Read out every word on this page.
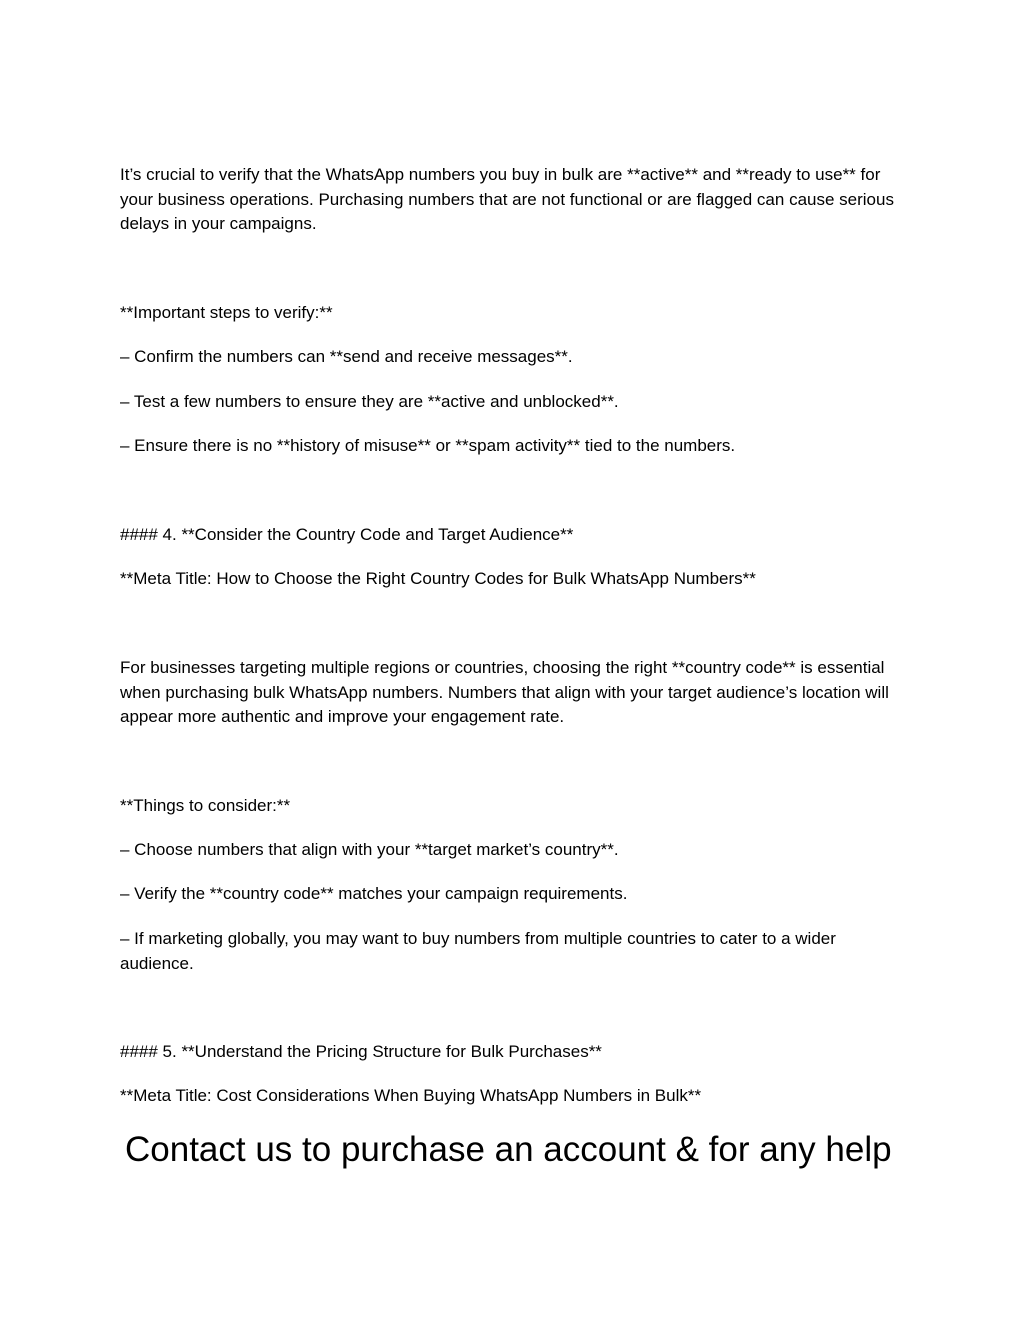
It’s crucial to verify that the WhatsApp numbers you buy in bulk are **active** and **ready to use** for your business operations. Purchasing numbers that are not functional or are flagged can cause serious delays in your campaigns.

**Important steps to verify:**

– Confirm the numbers can **send and receive messages**.

– Test a few numbers to ensure they are **active and unblocked**.

– Ensure there is no **history of misuse** or **spam activity** tied to the numbers.

#### 4. **Consider the Country Code and Target Audience**

**Meta Title: How to Choose the Right Country Codes for Bulk WhatsApp Numbers**

For businesses targeting multiple regions or countries, choosing the right **country code** is essential when purchasing bulk WhatsApp numbers. Numbers that align with your target audience’s location will appear more authentic and improve your engagement rate.

**Things to consider:**

– Choose numbers that align with your **target market’s country**.

– Verify the **country code** matches your campaign requirements.

– If marketing globally, you may want to buy numbers from multiple countries to cater to a wider audience.

#### 5. **Understand the Pricing Structure for Bulk Purchases**

**Meta Title: Cost Considerations When Buying WhatsApp Numbers in Bulk**

Contact us to purchase an account & for any help
